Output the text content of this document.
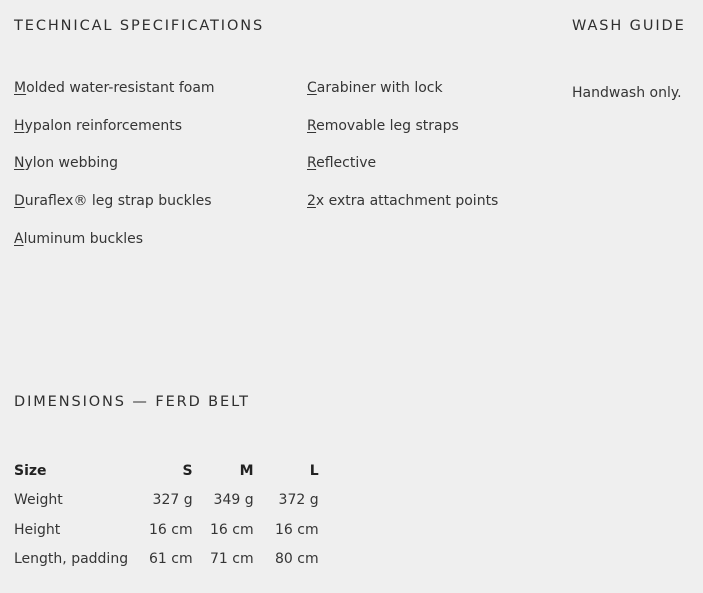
TECHNICAL SPECIFICATIONS	WASH GUIDE
Molded water-resistant foam
Hypalon reinforcements
Nylon webbing
Duraflex® leg strap buckles
Aluminum buckles
Carabiner with lock
Removable leg straps
Reflective
2x extra attachment points
Handwash only.
DIMENSIONS — FERD BELT
Size	S	M	L
Weight	327 g	349 g	372 g
Height	16 cm	16 cm	16 cm
Length, padding	61 cm	71 cm	80 cm
